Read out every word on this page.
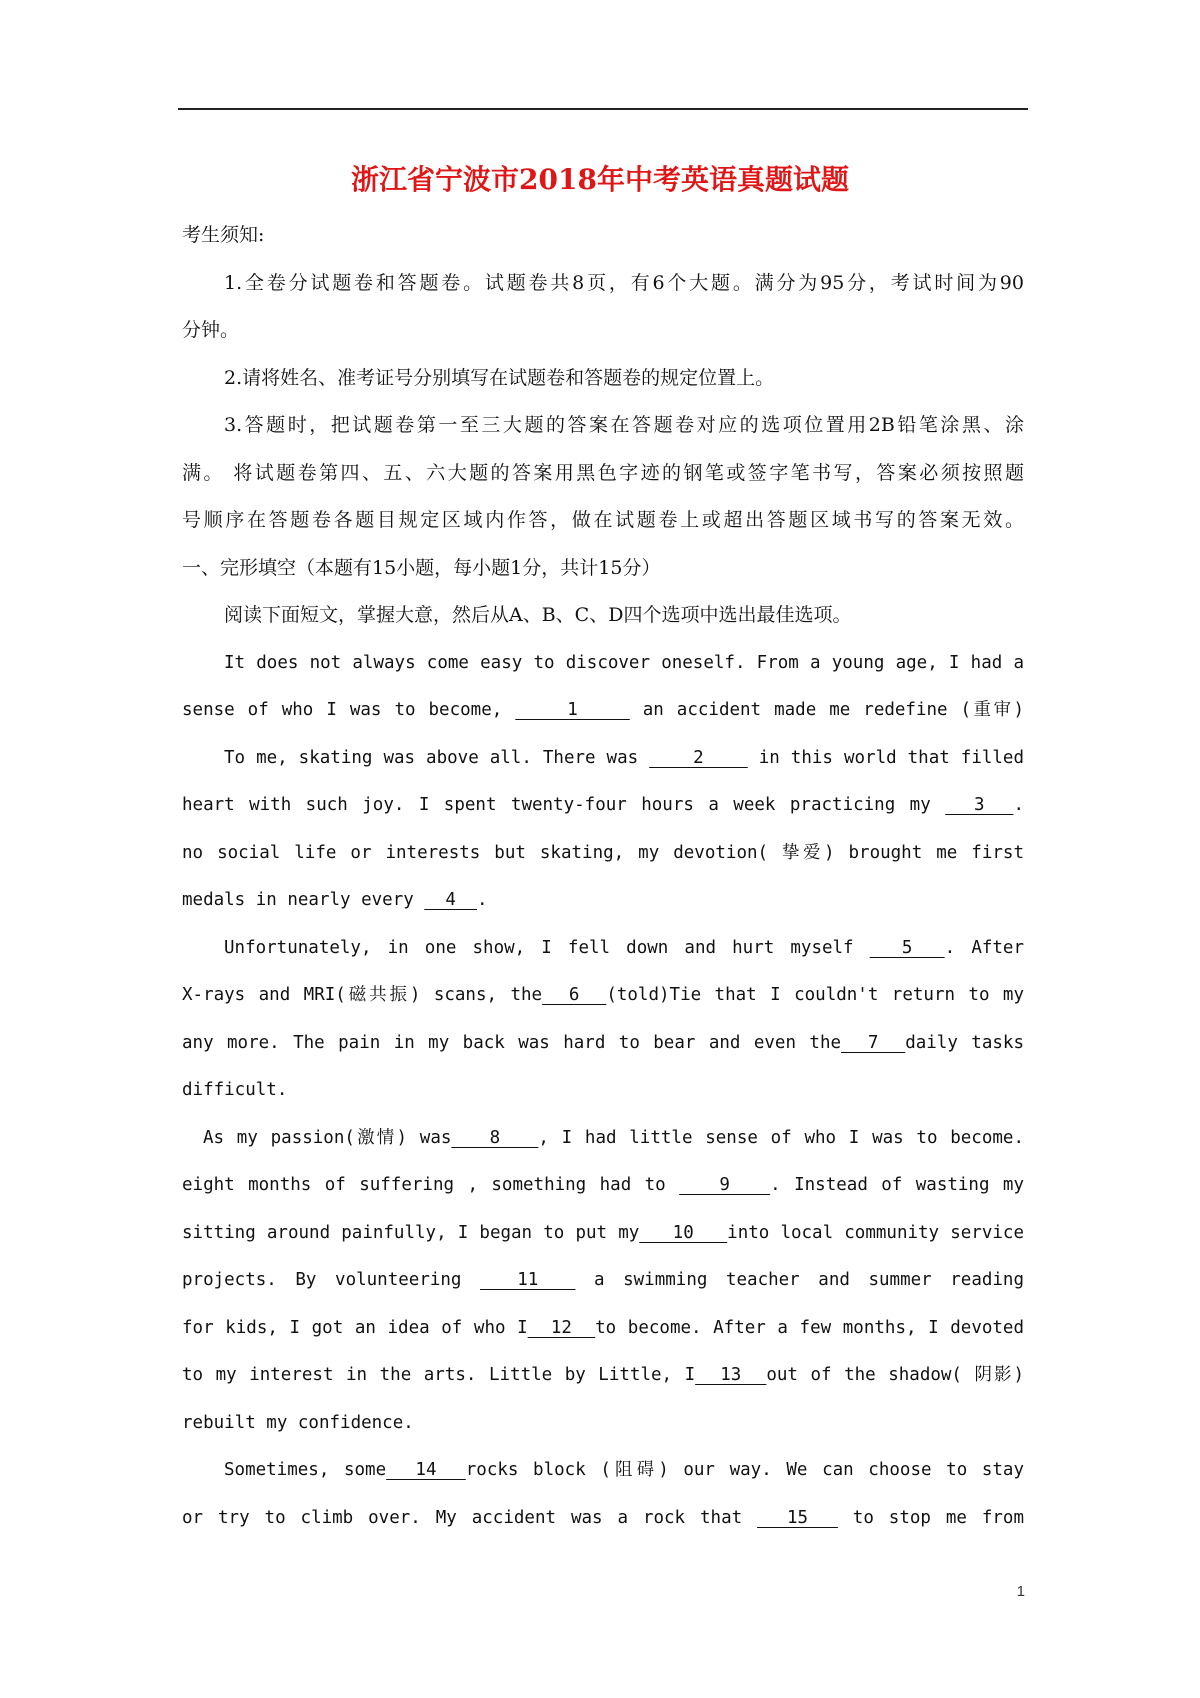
浙江省宁波市2018年中考英语真题试题
考生须知:
1.全卷分试题卷和答题卷。试题卷共8页，有6个大题。满分为95分，考试时间为90
分钟。
2.请将姓名、准考证号分别填写在试题卷和答题卷的规定位置上。
3.答题时，把试题卷第一至三大题的答案在答题卷对应的选项位置用2B铅笔涂黑、涂
满。 将试题卷第四、五、六大题的答案用黑色字迹的钢笔或签字笔书写，答案必须按照题
号顺序在答题卷各题目规定区域内作答，做在试题卷上或超出答题区域书写的答案无效。
一、完形填空（本题有15小题，每小题1分，共计15分）
阅读下面短文，掌握大意，然后从A、B、C、D四个选项中选出最佳选项。
It does not always come easy to discover oneself. From a young age, I had a
sense of who I was to become,     1     an accident made me redefine (重审)
To me, skating was above all. There was     2     in this world that filled
heart with such joy. I spent twenty-four hours a week practicing my   3  .
no social life or interests but skating, my devotion( 挚爱) brought me first
medals in nearly every   4  .
Unfortunately, in one show, I fell down and hurt myself   5  . After
X-rays and MRI(磁共振) scans, the  6  (told)Tie that I couldn't return to my
any more. The pain in my back was hard to bear and even the  7  daily tasks
difficult.
As my passion(激情) was   8   , I had little sense of who I was to become.
eight months of suffering , something had to    9   . Instead of wasting my
sitting around painfully, I began to put my   10   into local community service
projects. By volunteering   11   a swimming teacher and summer reading
for kids, I got an idea of who I  12  to become. After a few months, I devoted
to my interest in the arts. Little by Little, I  13  out of the shadow( 阴影)
rebuilt my confidence.
Sometimes, some  14  rocks block (阻碍) our way. We can choose to stay
or try to climb over. My accident was a rock that   15   to stop me from
1
